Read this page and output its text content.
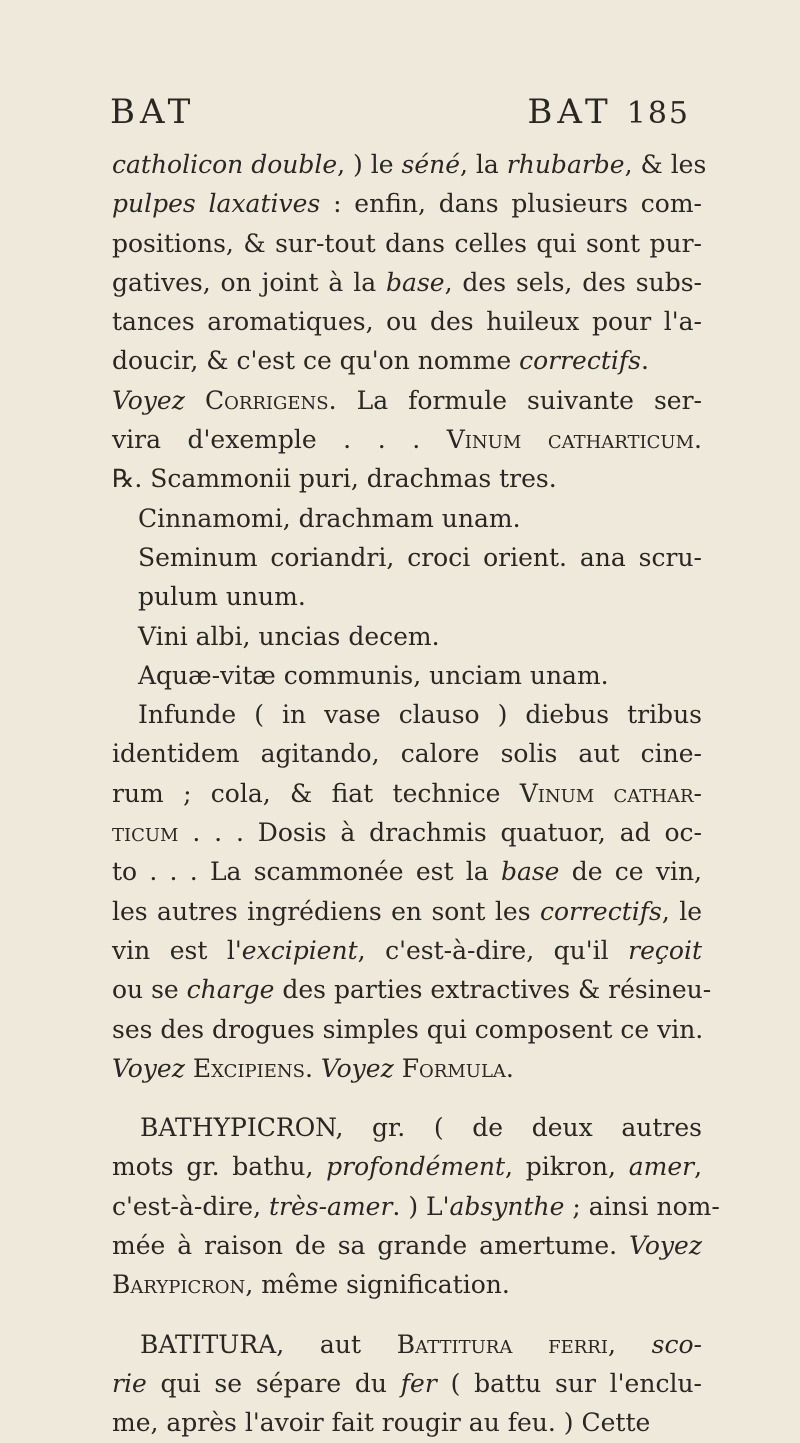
BAT	BAT 185
catholicon double, ) le séné, la rhubarbe, & les
pulpes laxatives : enfin, dans plusieurs com-
positions, & sur-tout dans celles qui sont pur-
gatives, on joint à la base, des sels, des subs-
tances aromatiques, ou des huileux pour l'a-
doucir, & c'est ce qu'on nomme correctifs.
Voyez Corrigens. La formule suivante ser-
vira d'exemple . . . Vinum catharticum.
℞. Scammonii puri, drachmas tres.
Cinnamomi, drachmam unam.
Seminum coriandri, croci orient. ana scru-
pulum unum.
Vini albi, uncias decem.
Aquæ-vitæ communis, unciam unam.
Infunde ( in vase clauso ) diebus tribus
identidem agitando, calore solis aut cine-
rum ; cola, & fiat technice Vinum cathar-
ticum . . . Dosis à drachmis quatuor, ad oc-
to . . . La scammonée est la base de ce vin,
les autres ingrédiens en sont les correctifs, le
vin est l'excipient, c'est-à-dire, qu'il reçoit
ou se charge des parties extractives & résineu-
ses des drogues simples qui composent ce vin.
Voyez Excipiens. Voyez Formula.
BATHYPICRON, gr. ( de deux autres
mots gr. bathu, profondément, pikron, amer,
c'est-à-dire, très-amer. ) L'absynthe ; ainsi nom-
mée à raison de sa grande amertume. Voyez
Barypicron, même signification.
BATITURA, aut Battitura ferri, sco-
rie qui se sépare du fer ( battu sur l'enclu-
me, après l'avoir fait rougir au feu. ) Cette
